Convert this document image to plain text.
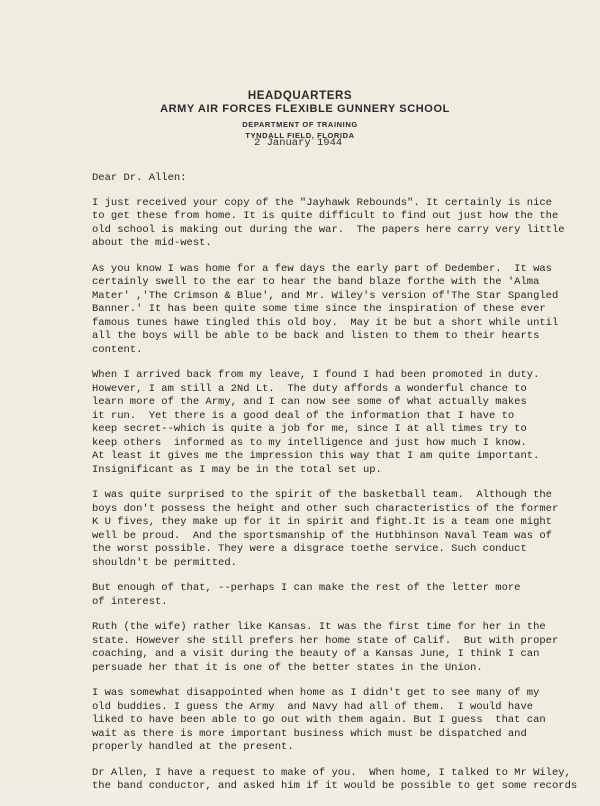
HEADQUARTERS
ARMY AIR FORCES FLEXIBLE GUNNERY SCHOOL
DEPARTMENT OF TRAINING
TYNDALL FIELD, FLORIDA
2 January 1944
Dear Dr. Allen:
I just received your copy of the "Jayhawk Rebounds". It certainly is nice
to get these from home. It is quite difficult to find out just how the the
old school is making out during the war.  The papers here carry very little
about the mid-west.
As you know I was home for a few days the early part of Dedember.  It was
certainly swell to the ear to hear the band blaze forthe with the 'Alma
Mater' ,'The Crimson & Blue', and Mr. Wiley's version of'The Star Spangled
Banner.' It has been quite some time since the inspiration of these ever
famous tunes hawe tingled this old boy.  May it be but a short while until
all the boys will be able to be back and listen to them to their hearts
content.
When I arrived back from my leave, I found I had been promoted in duty.
However, I am still a 2Nd Lt.  The duty affords a wonderful chance to
learn more of the Army, and I can now see some of what actually makes
it run.  Yet there is a good deal of the information that I have to
keep secret--which is quite a job for me, since I at all times try to
keep others  informed as to my intelligence and just how much I know.
At least it gives me the impression this way that I am quite important.
Insignificant as I may be in the total set up.
I was quite surprised to the spirit of the basketball team.  Although the
boys don't possess the height and other such characteristics of the former
K U fives, they make up for it in spirit and fight.It is a team one might
well be proud.  And the sportsmanship of the Hutbhinson Naval Team was of
the worst possible. They were a disgrace toethe service. Such conduct
shouldn't be permitted.
But enough of that, --perhaps I can make the rest of the letter more
of interest.
Ruth (the wife) rather like Kansas. It was the first time for her in the
state. However she still prefers her home state of Calif.  But with proper
coaching, and a visit during the beauty of a Kansas June, I think I can
persuade her that it is one of the better states in the Union.
I was somewhat disappointed when home as I didn't get to see many of my
old buddies. I guess the Army  and Navy had all of them.  I would have
liked to have been able to go out with them again. But I guess  that can
wait as there is more important business which must be dispatched and
properly handled at the present.
Dr Allen, I have a request to make of you.  When home, I talked to Mr Wiley,
the band conductor, and asked him if it would be possible to get some records
